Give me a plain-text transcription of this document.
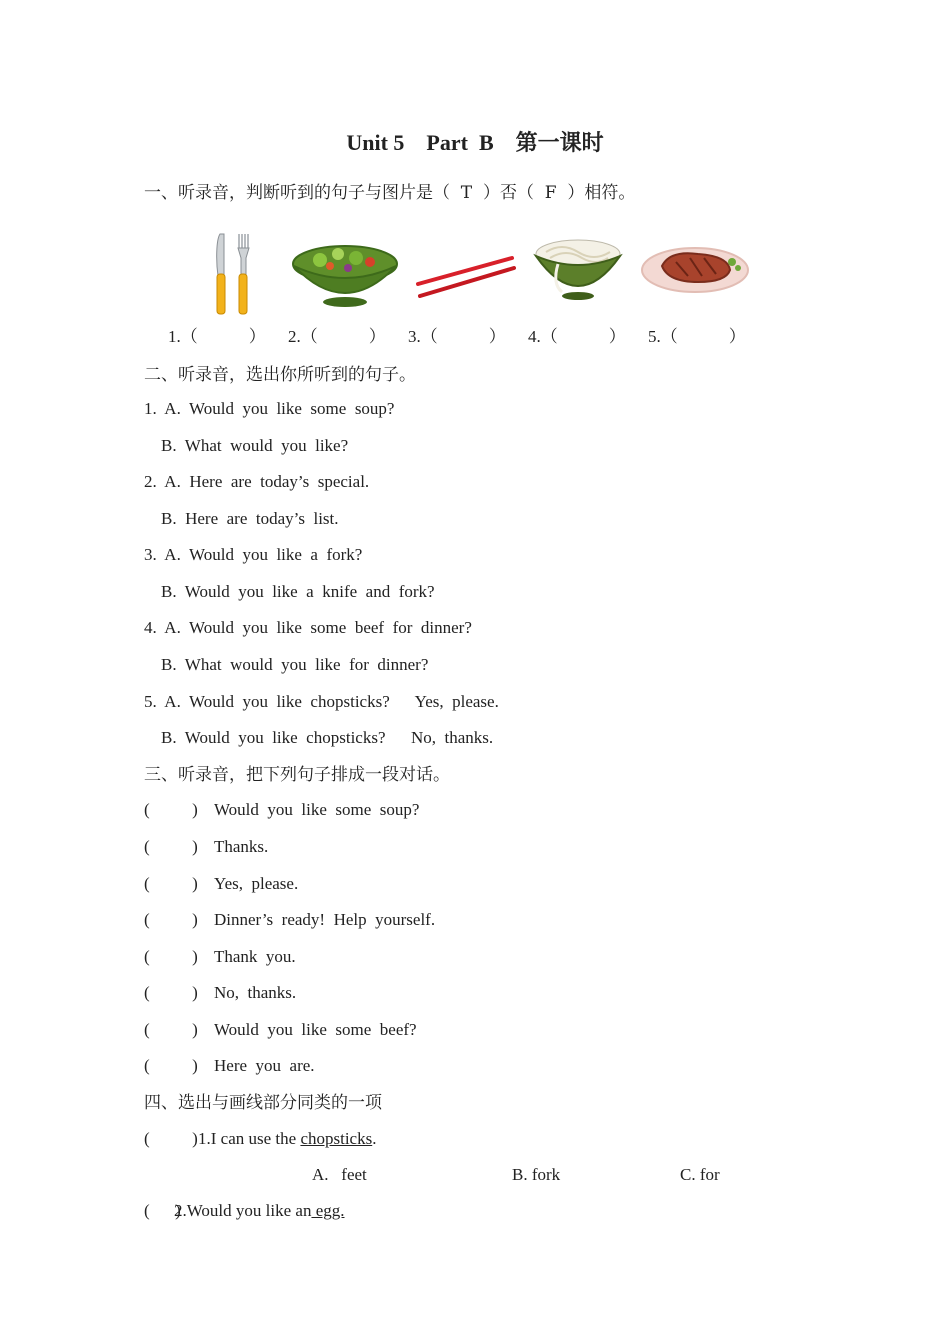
Unit 5    Part  B    第一课时
一、听录音，判断听到的句子与图片是（  T  ）否（  F  ）相符。
1.（            ） 2.（            ） 3.（            ） 4.（            ） 5.（            ）
二、听录音，选出你所听到的句子。
1.  A.  Would  you  like  some  soup?
B.  What  would  you  like?
2.  A.  Here  are  today’s  special.
B.  Here  are  today’s  list.
3.  A.  Would  you  like  a  fork?
B.  Would  you  like  a  knife  and  fork?
4.  A.  Would  you  like  some  beef  for  dinner?
B.  What  would  you  like  for  dinner?
5.  A.  Would  you  like  chopsticks?      Yes,  please.
B.  Would  you  like  chopsticks?      No,  thanks.
三、听录音，把下列句子排成一段对话。
(          ) Would  you  like  some  soup?
(          ) Thanks.
(          ) Yes,  please.
(          ) Dinner’s  ready!  Help  yourself.
(          ) Thank  you.
(          ) No,  thanks.
(          ) Would  you  like  some  beef?
(          ) Here  you  are.
四、选出与画线部分同类的一项
(          ) 1.I can use the chopsticks.
A.   feet	B. fork	C. for
(      )
2.Would you like an egg.
